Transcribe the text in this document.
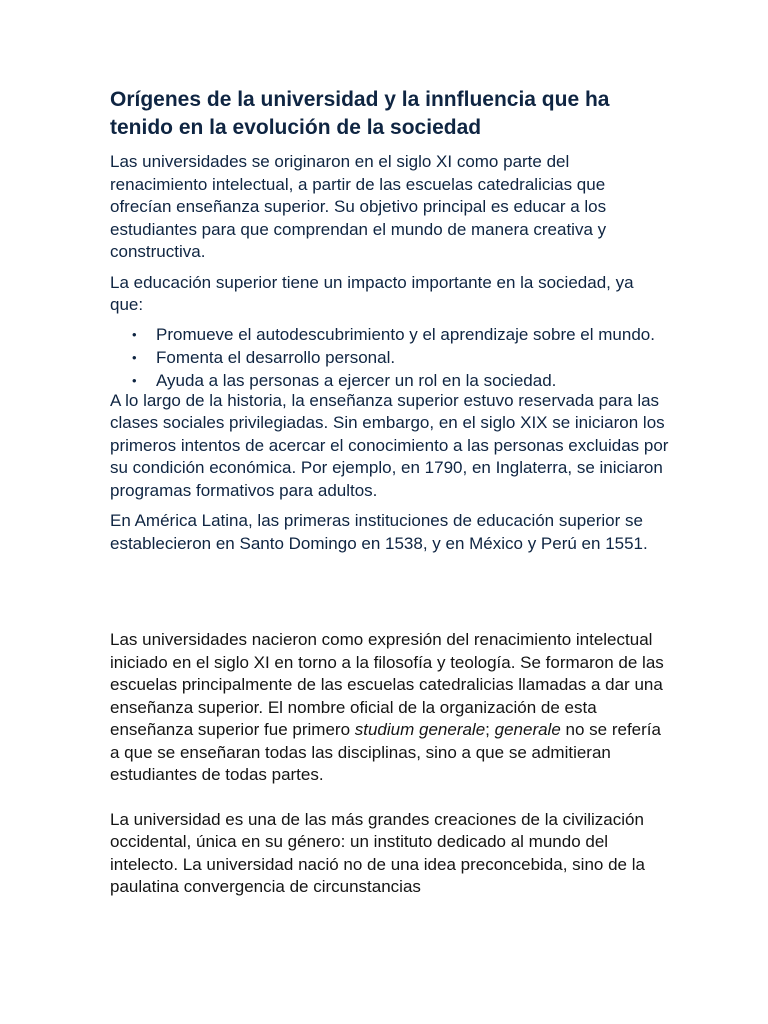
Orígenes de la universidad y la innfluencia que ha tenido en la evolución de la sociedad

Las universidades se originaron en el siglo XI como parte del renacimiento intelectual, a partir de las escuelas catedralicias que ofrecían enseñanza superior. Su objetivo principal es educar a los estudiantes para que comprendan el mundo de manera creativa y constructiva.

La educación superior tiene un impacto importante en la sociedad, ya que:

• Promueve el autodescubrimiento y el aprendizaje sobre el mundo.
• Fomenta el desarrollo personal.
• Ayuda a las personas a ejercer un rol en la sociedad.

A lo largo de la historia, la enseñanza superior estuvo reservada para las clases sociales privilegiadas. Sin embargo, en el siglo XIX se iniciaron los primeros intentos de acercar el conocimiento a las personas excluidas por su condición económica. Por ejemplo, en 1790, en Inglaterra, se iniciaron programas formativos para adultos.

En América Latina, las primeras instituciones de educación superior se establecieron en Santo Domingo en 1538, y en México y Perú en 1551.

Las universidades nacieron como expresión del renacimiento intelectual iniciado en el siglo XI en torno a la filosofía y teología. Se formaron de las escuelas principalmente de las escuelas catedralicias llamadas a dar una enseñanza superior. El nombre oficial de la organización de esta enseñanza superior fue primero studium generale; generale no se refería a que se enseñaran todas las disciplinas, sino a que se admitieran estudiantes de todas partes.

La universidad es una de las más grandes creaciones de la civilización occidental, única en su género: un instituto dedicado al mundo del intelecto. La universidad nació no de una idea preconcebida, sino de la paulatina convergencia de circunstancias
